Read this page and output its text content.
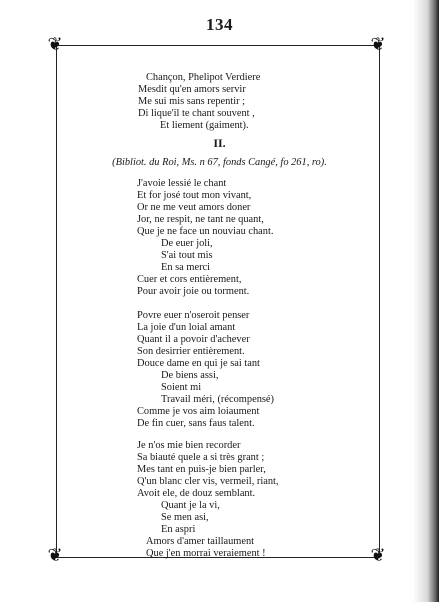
134
❦	❦
❦	❦
Chançon, Phelipot Verdiere
Mesdit qu'en amors servir
Me sui mis sans repentir ;
Di lique'il te chant souvent ,
Et liement (gaiment).
II.
(Bibliot. du Roi, Ms. n 67, fonds Cangé, fo 261, ro).
J'avoie lessié le chant
Et for josé tout mon vivant,
Or ne me veut amors doner
Jor, ne respit, ne tant ne quant,
Que je ne face un nouviau chant.
De euer joli,
S'ai tout mis
En sa merci
Cuer et cors entièrement,
Pour avoir joie ou torment.
Povre euer n'oseroit penser
La joie d'un loial amant
Quant il a povoir d'achever
Son desirrier entièrement.
Douce dame en qui je sai tant
De biens assi,
Soient mi
Travail méri, (récompensé)
Comme je vos aim loiaument
De fin cuer, sans faus talent.
Je n'os mie bien recorder
Sa biauté quele a si très grant ;
Mes tant en puis-je bien parler,
Q'un blanc cler vis, vermeil, riant,
Avoit ele, de douz semblant.
Quant je la vi,
Se men asi,
En aspri
Amors d'amer taillaument
Que j'en morrai veraiement !
